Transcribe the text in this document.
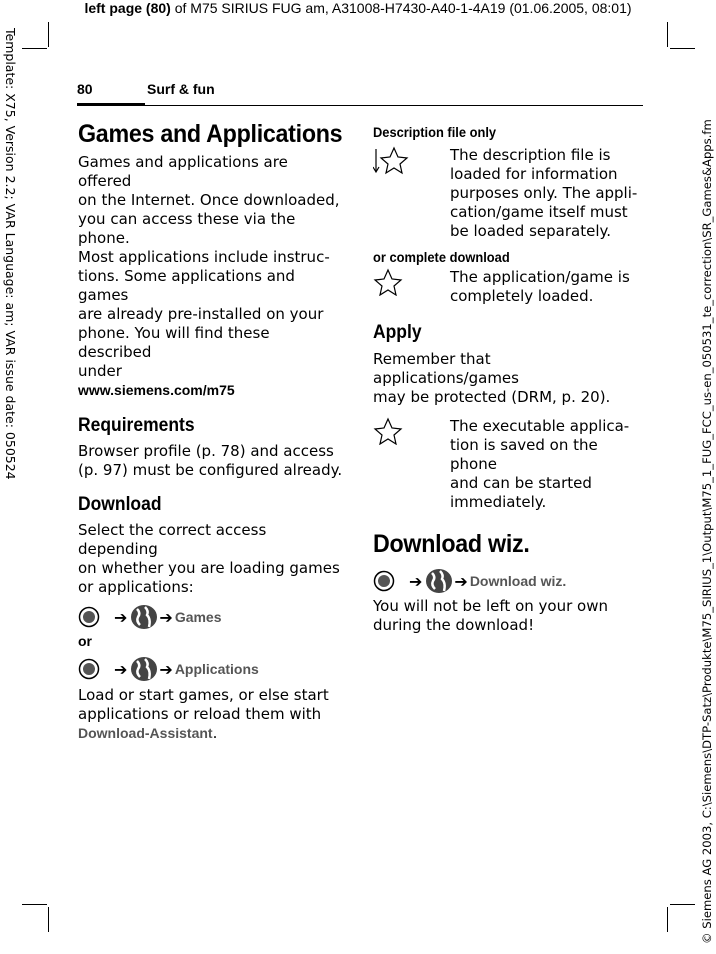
left page (80) of M75 SIRIUS FUG am, A31008-H7430-A40-1-4A19 (01.06.2005, 08:01)
Template: X75, Version 2.2; VAR Language: am; VAR issue date: 050524	© Siemens AG 2003, C:\Siemens\DTP-Satz\Produkte\M75_SIRIUS_1\Output\M75_1_FUG_FCC_us-en_050531_te_correction\SR_Games&Apps.fm
80	Surf & fun
Games and Applications

Games and applications are offered
on the Internet. Once downloaded,
you can access these via the phone.
Most applications include instruc-
tions. Some applications and games
are already pre-installed on your
phone. You will find these described
under

www.siemens.com/m75
Requirements

Browser profile (p. 78) and access
(p. 97) must be configured already.

Download

Select the correct access depending
on whether you are loading games
or applications:

➔ ➔ Games
or
➔ ➔ Applications

Load or start games, or else start
applications or reload them with
Download-Assistant.

Description file only

The description file is
loaded for information
purposes only. The appli-
cation/game itself must
be loaded separately.

or complete download

The application/game is
completely loaded.

Apply

Remember that applications/games
may be protected (DRM, p. 20).

The executable applica-
tion is saved on the phone
and can be started
immediately.

Download wiz.
➔ ➔ Download wiz.

You will not be left on your own
during the download!
